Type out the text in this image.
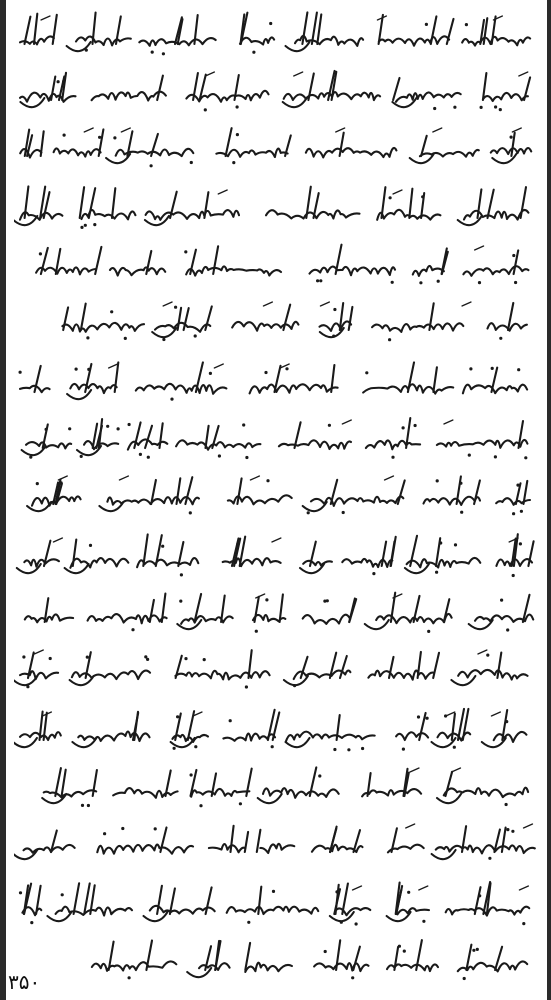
۳۵۰
